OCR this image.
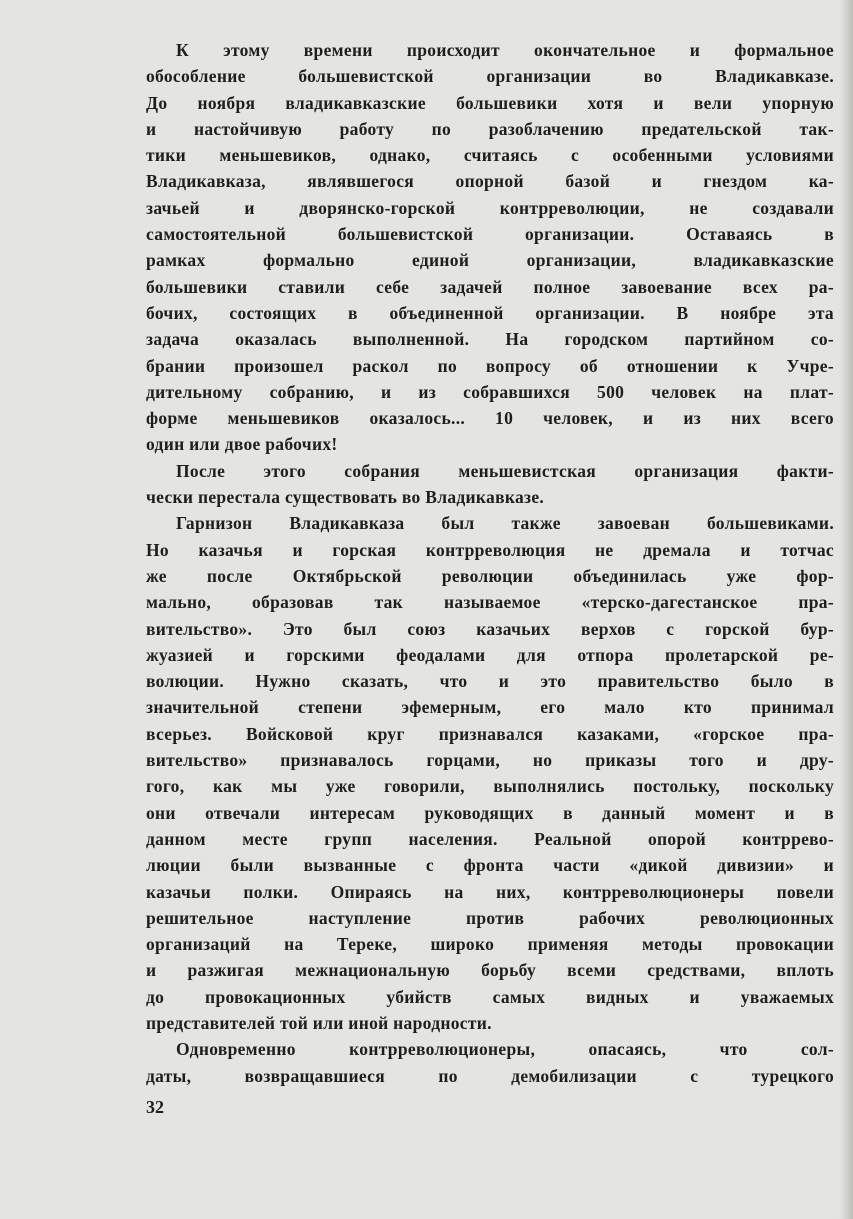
К этому времени происходит окончательное и формальное
обособление большевистской организации во Владикавказе.
До ноября владикавказские большевики хотя и вели упорную
и настойчивую работу по разоблачению предательской так-
тики меньшевиков, однако, считаясь с особенными условиями
Владикавказа, являвшегося опорной базой и гнездом ка-
зачьей и дворянско-горской контрреволюции, не создавали
самостоятельной большевистской организации. Оставаясь в
рамках формально единой организации, владикавказские
большевики ставили себе задачей полное завоевание всех ра-
бочих, состоящих в объединенной организации. В ноябре эта
задача оказалась выполненной. На городском партийном со-
брании произошел раскол по вопросу об отношении к Учре-
дительному собранию, и из собравшихся 500 человек на плат-
форме меньшевиков оказалось... 10 человек, и из них всего
один или двое рабочих!
После этого собрания меньшевистская организация факти-
чески перестала существовать во Владикавказе.
Гарнизон Владикавказа был также завоеван большевиками.
Но казачья и горская контрреволюция не дремала и тотчас
же после Октябрьской революции объединилась уже фор-
мально, образовав так называемое «терско-дагестанское пра-
вительство». Это был союз казачьих верхов с горской бур-
жуазией и горскими феодалами для отпора пролетарской ре-
волюции. Нужно сказать, что и это правительство было в
значительной степени эфемерным, его мало кто принимал
всерьез. Войсковой круг признавался казаками, «горское пра-
вительство» признавалось горцами, но приказы того и дру-
гого, как мы уже говорили, выполнялись постольку, поскольку
они отвечали интересам руководящих в данный момент и в
данном месте групп населения. Реальной опорой контррево-
люции были вызванные с фронта части «дикой дивизии» и
казачьи полки. Опираясь на них, контрреволюционеры повели
решительное наступление против рабочих революционных
организаций на Тереке, широко применяя методы провокации
и разжигая межнациональную борьбу всеми средствами, вплоть
до провокационных убийств самых видных и уважаемых
представителей той или иной народности.
Одновременно контрреволюционеры, опасаясь, что сол-
даты, возвращавшиеся по демобилизации с турецкого
32
